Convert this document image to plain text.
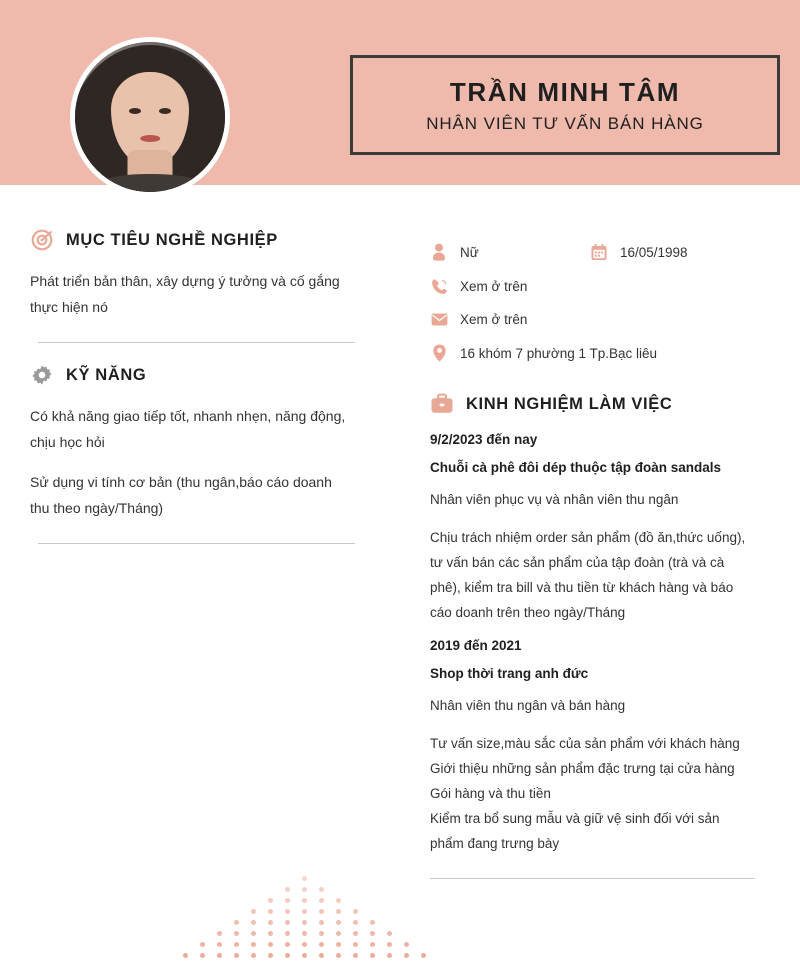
TRẦN MINH TÂM
NHÂN VIÊN TƯ VẤN BÁN HÀNG
MỤC TIÊU NGHỀ NGHIỆP
Phát triển bản thân, xây dựng ý tưởng và cố gắng thực hiện nó
KỸ NĂNG
Có khả năng giao tiếp tốt, nhanh nhẹn, năng động, chịu học hỏi
Sử dụng vi tính cơ bản (thu ngân,báo cáo doanh thu theo ngày/Tháng)
Nữ	16/05/1998
Xem ở trên
Xem ở trên
16 khóm 7 phường 1 Tp.Bạc liêu
KINH NGHIỆM LÀM VIỆC
9/2/2023 đến nay
Chuỗi cà phê đôi dép thuộc tập đoàn sandals
Nhân viên phục vụ và nhân viên thu ngân
Chịu trách nhiệm order sản phẩm (đồ ăn,thức uống), tư vấn bán các sản phẩm của tập đoàn (trà và cà phê), kiểm tra bill và thu tiền từ khách hàng và báo cáo doanh trên theo ngày/Tháng
2019 đến 2021
Shop thời trang anh đức
Nhân viên thu ngân và bán hàng
Tư vấn size,màu sắc của sản phẩm với khách hàng
Giới thiệu những sản phẩm đặc trưng tại cửa hàng
Gói hàng và thu tiền
Kiểm tra bổ sung mẫu và giữ vệ sinh đối với sản phẩm đang trưng bày
